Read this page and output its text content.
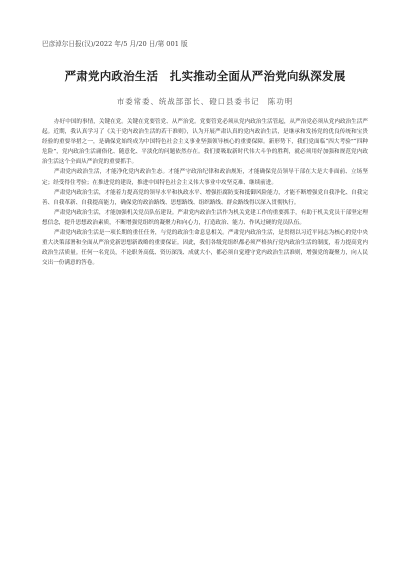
巴彦淖尔日报(汉)/2022 年/5 月/20 日/第 001 版
严肃党内政治生活　扎实推动全面从严治党向纵深发展
市委常委、统战部部长、磴口县委书记　陈功明

办好中国的事情，关键在党。关键在党要管党、从严治党。党要管党必须从党内政治生活管起，从严治党必须从党内政治生活严起。近期，我认真学习了《关于党内政治生活的若干准则》，认为开展严肃认真的党内政治生活，是继承和发扬党的优良传统和宝贵经验的重要举措之一，是确保党始终成为中国特色社会主义事业坚强领导核心的重要保障。新形势下，我们党面临“四大考验”“四种危险”，党内政治生活庸俗化、随意化、平淡化的问题依然存在。我们要吸取新时代伟大斗争的胜利，就必须用好加强和规范党内政治生活这个全面从严治党的重要抓手。

严肃党内政治生活，才能净化党内政治生态。才能严守政治纪律和政治规矩，才能确保党员领导干部在大是大非面前、立场坚定；经受得住考验；在推进党的建设，推进中国特色社会主义伟大事业中攻坚克难、继续前进。

严肃党内政治生活，才能着力提高党的领导水平和执政水平、增强拒腐防变和抵御风险能力，才能不断增强党自我净化、自我完善、自我革新、自我提高能力，确保党的政治路线、思想路线、组织路线、群众路线得以深入贯彻执行。

严肃党内政治生活，才能加强机关党员队伍建设。严肃党内政治生活作为机关党建工作的重要抓手，有助于机关党员干部坚定理想信念，提升思想政治素质，不断增强党组织的凝聚力和向心力，打造政治、能力、作风过硬的党员队伍。

严肃党内政治生活是一项长期的重任任务，与党的政治生命息息相关。严肃党内政治生活，是贯彻以习近平同志为核心的党中央重大决策部署和全面从严治党新思想新战略的重要保证。因此，我们各级党组织都必须严格执行党内政治生活的制度，着力提高党内政治生活质量。任何一名党员，不论职务高低、资历深浅、成就大小，都必须自觉遵守党内政治生活准则，增强党的凝聚力，向人民交出一份满意的答卷。
